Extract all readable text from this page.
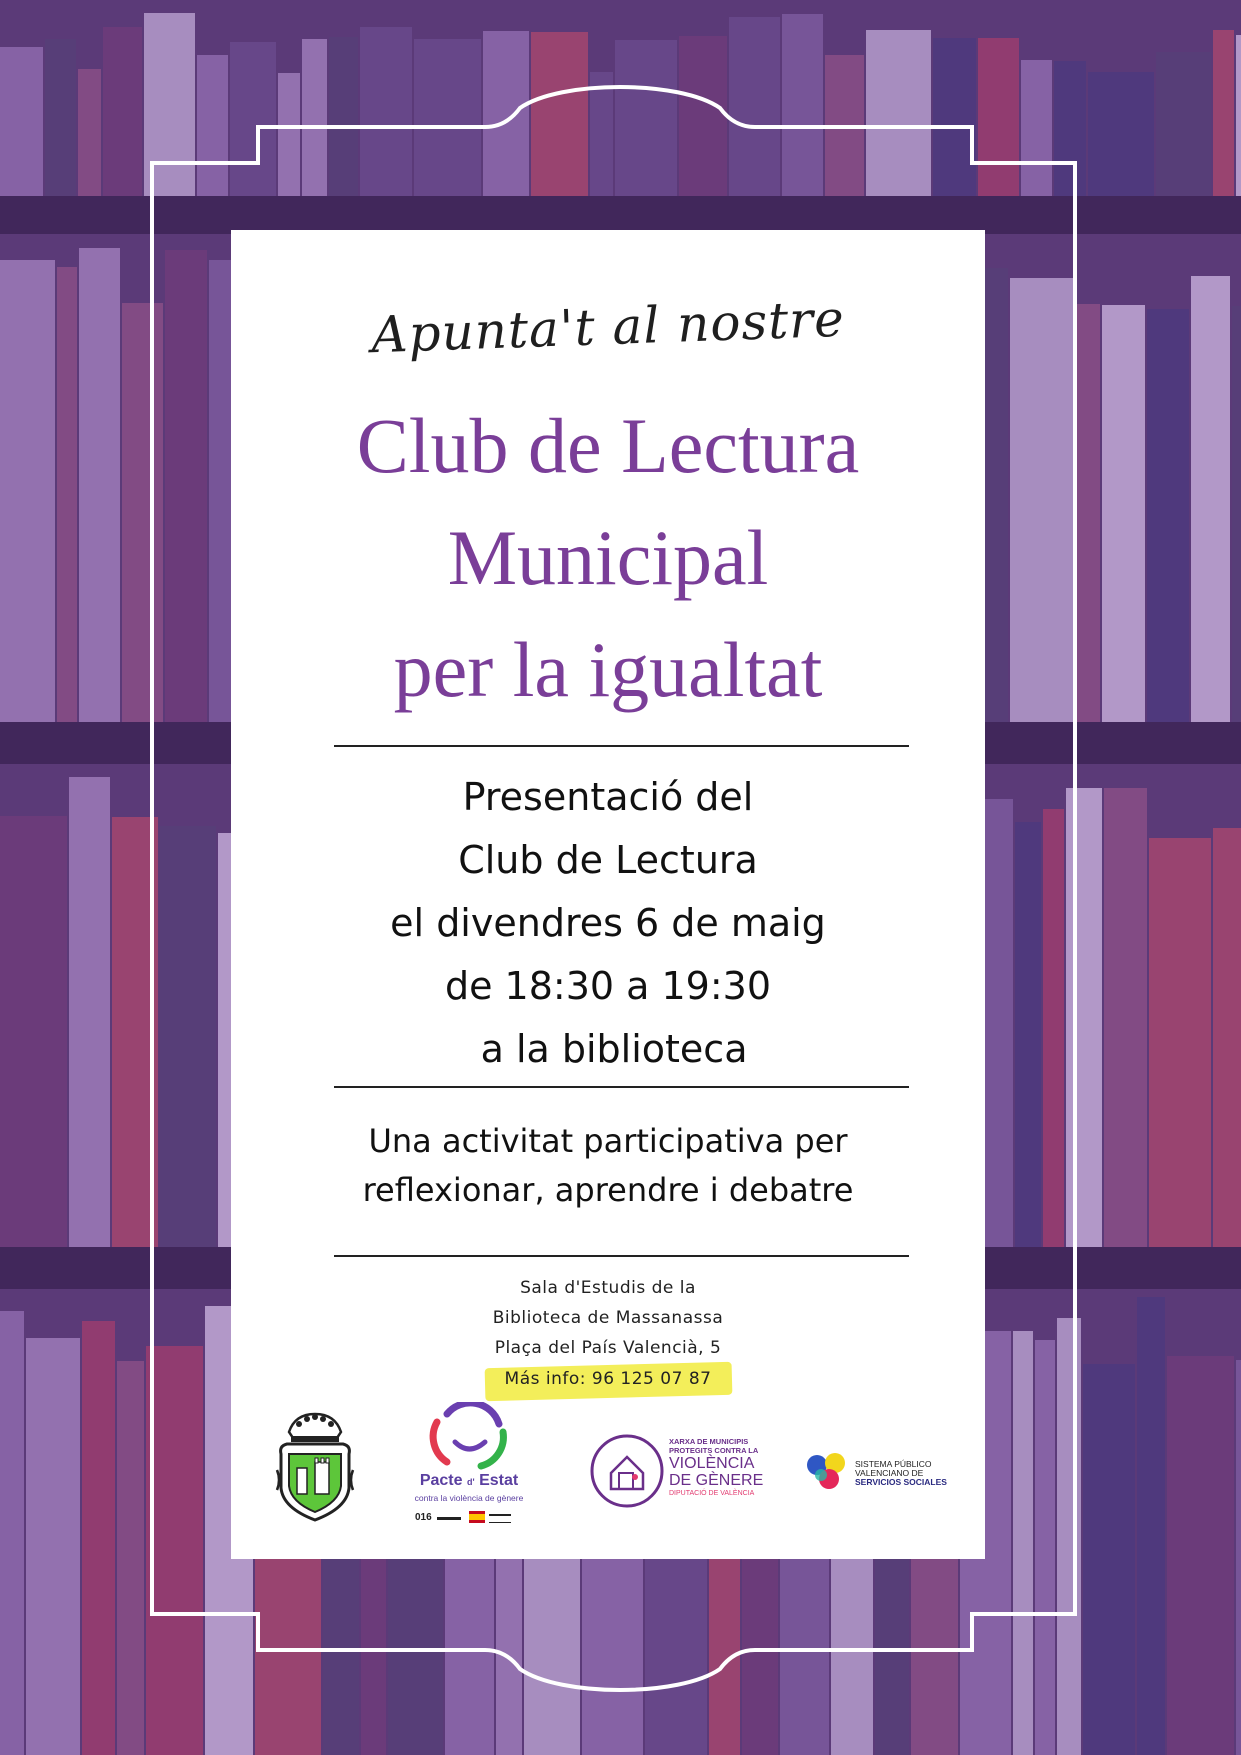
Apunta't al nostre
Club de Lectura
Municipal
per la igualtat
Presentació del
Club de Lectura
el divendres 6 de maig
de 18:30 a 19:30
a la biblioteca
Una activitat participativa per
reflexionar, aprendre i debatre
Sala d'Estudis de la
Biblioteca de Massanassa
Plaça del País Valencià, 5
Más info: 96 125 07 87
Pacte d' Estat
contra la violència de gènere
016
XARXA DE MUNICIPIS
PROTEGITS CONTRA LA
VIOLÈNCIA
DE GÈNERE
DIPUTACIÓ DE VALÈNCIA
SISTEMA PÚBLICO
VALENCIANO DE
SERVICIOS SOCIALES
